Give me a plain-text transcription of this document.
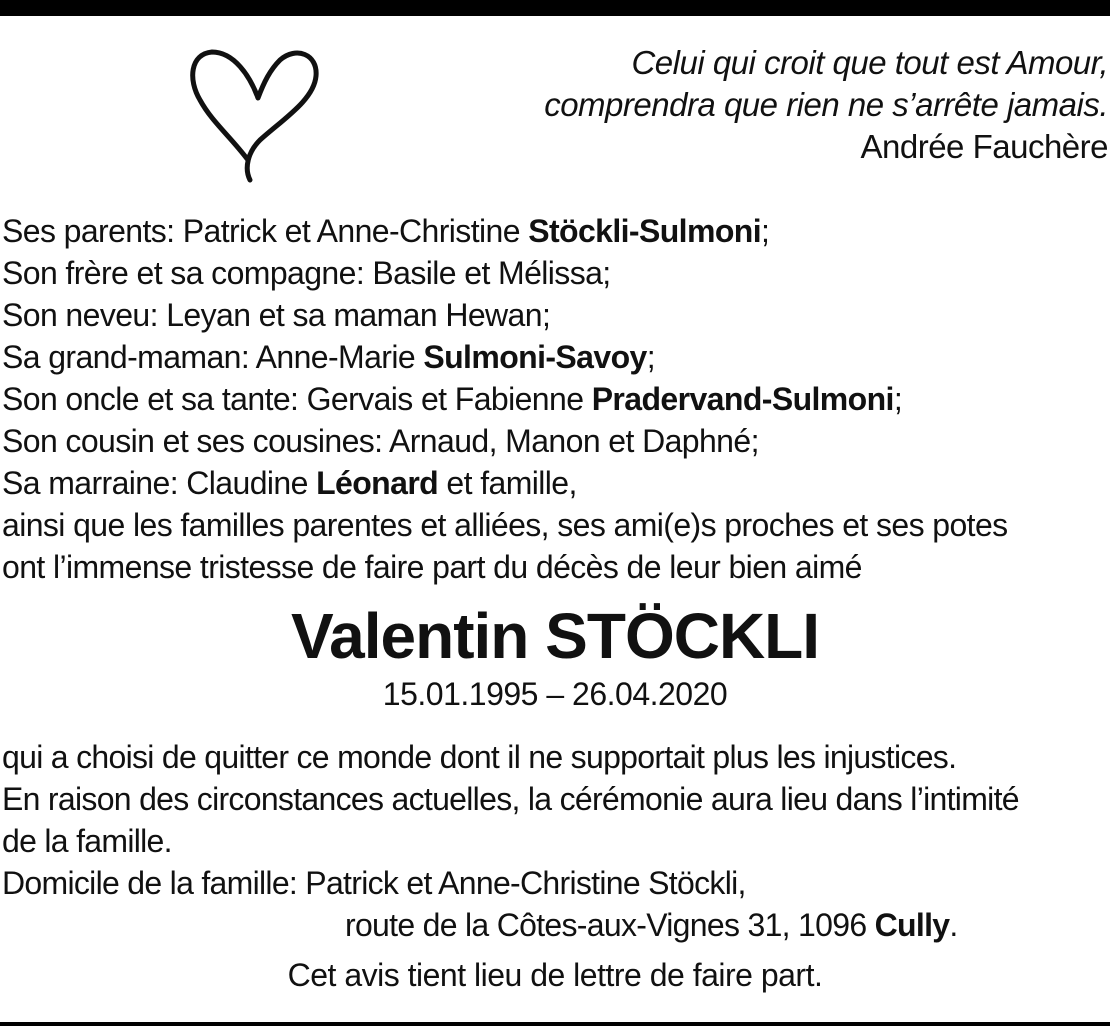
Celui qui croit que tout est Amour,
comprendra que rien ne s’arrête jamais.
Andrée Fauchère
Ses parents: Patrick et Anne-Christine Stöckli-Sulmoni;
Son frère et sa compagne: Basile et Mélissa;
Son neveu: Leyan et sa maman Hewan;
Sa grand-maman: Anne-Marie Sulmoni-Savoy;
Son oncle et sa tante: Gervais et Fabienne Pradervand-Sulmoni;
Son cousin et ses cousines: Arnaud, Manon et Daphné;
Sa marraine: Claudine Léonard et famille,
ainsi que les familles parentes et alliées, ses ami(e)s proches et ses potes
ont l’immense tristesse de faire part du décès de leur bien aimé
Valentin STÖCKLI
15.01.1995 – 26.04.2020
qui a choisi de quitter ce monde dont il ne supportait plus les injustices.
En raison des circonstances actuelles, la cérémonie aura lieu dans l’intimité
de la famille.
Domicile de la famille: Patrick et Anne-Christine Stöckli,
route de la Côtes-aux-Vignes 31, 1096 Cully.
Cet avis tient lieu de lettre de faire part.
